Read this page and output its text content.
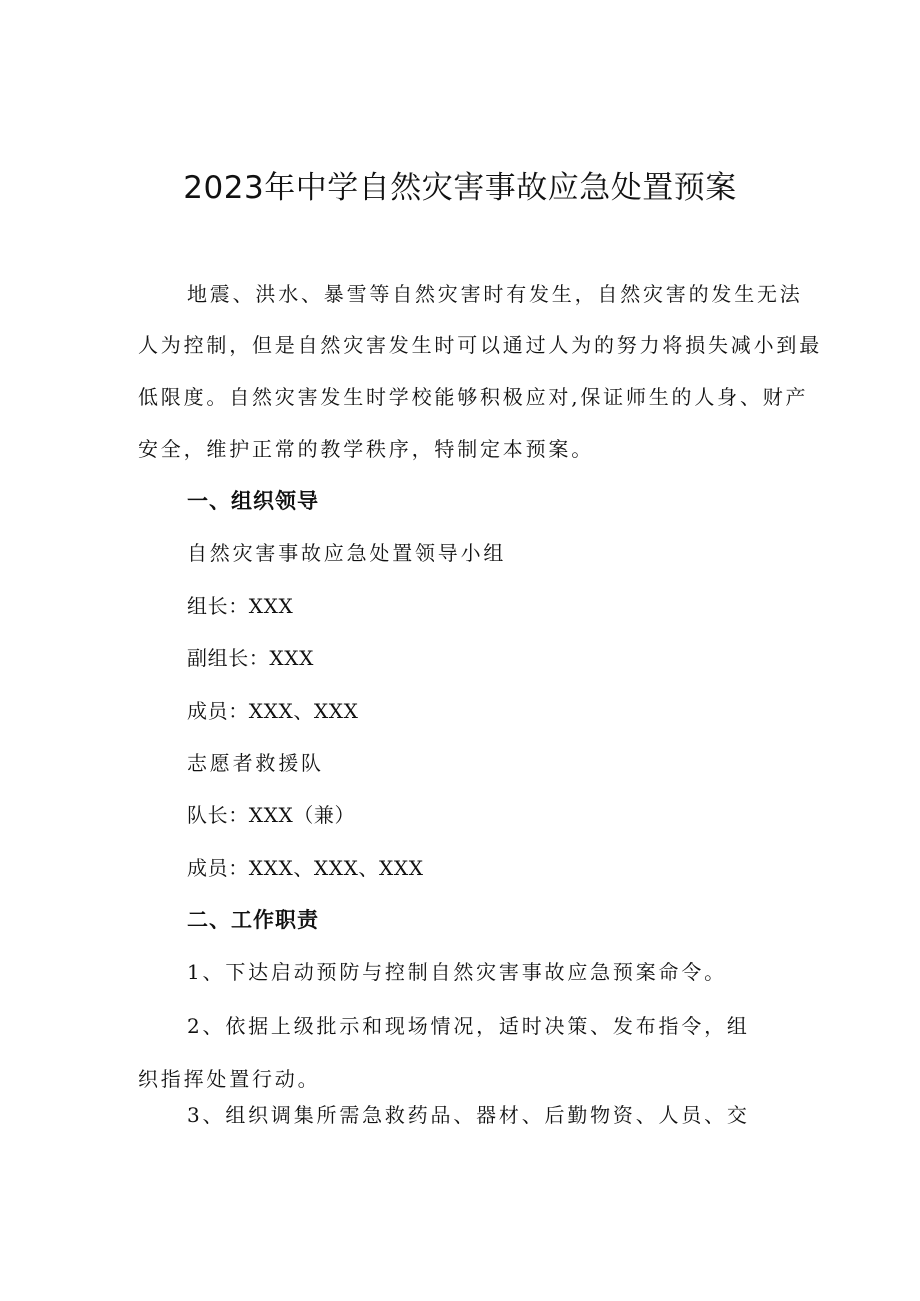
2023年中学自然灾害事故应急处置预案
地震、洪水、暴雪等自然灾害时有发生，自然灾害的发生无法
人为控制，但是自然灾害发生时可以通过人为的努力将损失减小到最
低限度。自然灾害发生时学校能够积极应对,保证师生的人身、财产
安全，维护正常的教学秩序，特制定本预案。
一、组织领导
自然灾害事故应急处置领导小组
组长：XXX
副组长：XXX
成员：XXX、XXX
志愿者救援队
队长：XXX（兼）
成员：XXX、XXX、XXX
二、工作职责
1、下达启动预防与控制自然灾害事故应急预案命令。
2、依据上级批示和现场情况，适时决策、发布指令，组
织指挥处置行动。
3、组织调集所需急救药品、器材、后勤物资、人员、交
